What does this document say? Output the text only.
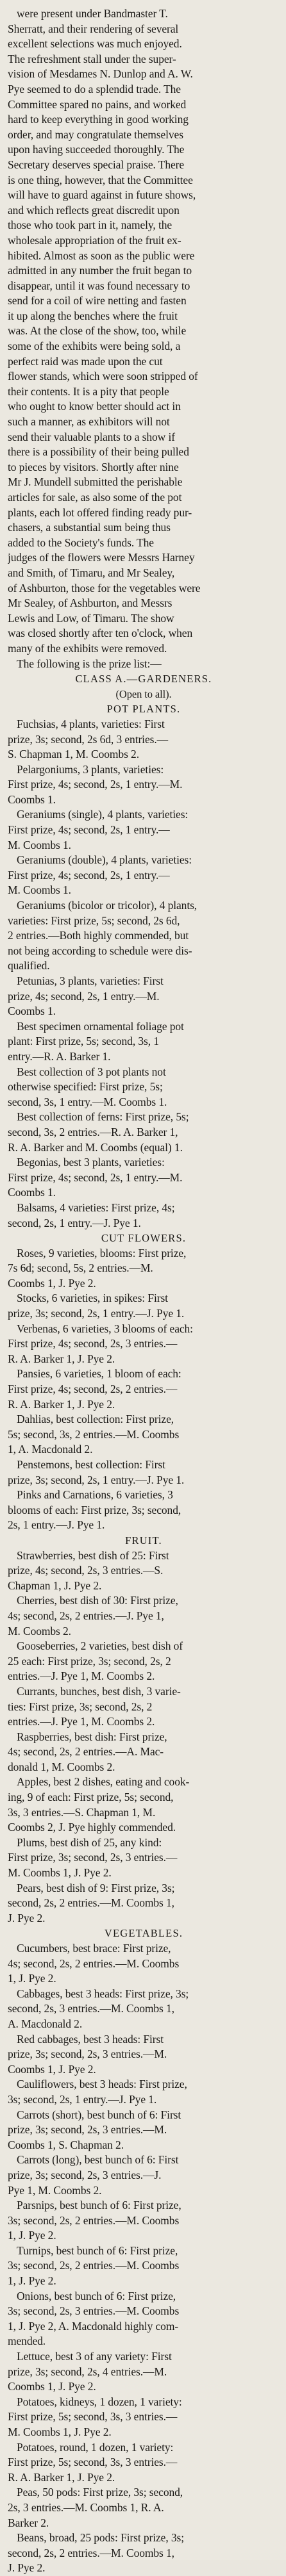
were present under Bandmaster T.
Sherratt, and their rendering of several
excellent selections was much enjoyed.
The refreshment stall under the super-
vision of Mesdames N. Dunlop and A. W.
Pye seemed to do a splendid trade. The
Committee spared no pains, and worked
hard to keep everything in good working
order, and may congratulate themselves
upon having succeeded thoroughly. The
Secretary deserves special praise. There
is one thing, however, that the Committee
will have to guard against in future shows,
and which reflects great discredit upon
those who took part in it, namely, the
wholesale appropriation of the fruit ex-
hibited. Almost as soon as the public were
admitted in any number the fruit began to
disappear, until it was found necessary to
send for a coil of wire netting and fasten
it up along the benches where the fruit
was. At the close of the show, too, while
some of the exhibits were being sold, a
perfect raid was made upon the cut
flower stands, which were soon stripped of
their contents. It is a pity that people
who ought to know better should act in
such a manner, as exhibitors will not
send their valuable plants to a show if
there is a possibility of their being pulled
to pieces by visitors. Shortly after nine
Mr J. Mundell submitted the perishable
articles for sale, as also some of the pot
plants, each lot offered finding ready pur-
chasers, a substantial sum being thus
added to the Society's funds. The
judges of the flowers were Messrs Harney
and Smith, of Timaru, and Mr Sealey,
of Ashburton, those for the vegetables were
Mr Sealey, of Ashburton, and Messrs
Lewis and Low, of Timaru. The show
was closed shortly after ten o'clock, when
many of the exhibits were removed.
The following is the prize list:—
CLASS A.—GARDENERS.
(Open to all).
POT PLANTS.
Fuchsias, 4 plants, varieties: First
prize, 3s; second, 2s 6d, 3 entries.—
S. Chapman 1, M. Coombs 2.
Pelargoniums, 3 plants, varieties:
First prize, 4s; second, 2s, 1 entry.—M.
Coombs 1.
Geraniums (single), 4 plants, varieties:
First prize, 4s; second, 2s, 1 entry.—
M. Coombs 1.
Geraniums (double), 4 plants, varieties:
First prize, 4s; second, 2s, 1 entry.—
M. Coombs 1.
Geraniums (bicolor or tricolor), 4 plants,
varieties: First prize, 5s; second, 2s 6d,
2 entries.—Both highly commended, but
not being according to schedule were dis-
qualified.
Petunias, 3 plants, varieties: First
prize, 4s; second, 2s, 1 entry.—M.
Coombs 1.
Best specimen ornamental foliage pot
plant: First prize, 5s; second, 3s, 1
entry.—R. A. Barker 1.
Best collection of 3 pot plants not
otherwise specified: First prize, 5s;
second, 3s, 1 entry.—M. Coombs 1.
Best collection of ferns: First prize, 5s;
second, 3s, 2 entries.—R. A. Barker 1,
R. A. Barker and M. Coombs (equal) 1.
Begonias, best 3 plants, varieties:
First prize, 4s; second, 2s, 1 entry.—M.
Coombs 1.
Balsams, 4 varieties: First prize, 4s;
second, 2s, 1 entry.—J. Pye 1.
CUT FLOWERS.
Roses, 9 varieties, blooms: First prize,
7s 6d; second, 5s, 2 entries.—M.
Coombs 1, J. Pye 2.
Stocks, 6 varieties, in spikes: First
prize, 3s; second, 2s, 1 entry.—J. Pye 1.
Verbenas, 6 varieties, 3 blooms of each:
First prize, 4s; second, 2s, 3 entries.—
R. A. Barker 1, J. Pye 2.
Pansies, 6 varieties, 1 bloom of each:
First prize, 4s; second, 2s, 2 entries.—
R. A. Barker 1, J. Pye 2.
Dahlias, best collection: First prize,
5s; second, 3s, 2 entries.—M. Coombs
1, A. Macdonald 2.
Penstemons, best collection: First
prize, 3s; second, 2s, 1 entry.—J. Pye 1.
Pinks and Carnations, 6 varieties, 3
blooms of each: First prize, 3s; second,
2s, 1 entry.—J. Pye 1.
FRUIT.
Strawberries, best dish of 25: First
prize, 4s; second, 2s, 3 entries.—S.
Chapman 1, J. Pye 2.
Cherries, best dish of 30: First prize,
4s; second, 2s, 2 entries.—J. Pye 1,
M. Coombs 2.
Gooseberries, 2 varieties, best dish of
25 each: First prize, 3s; second, 2s, 2
entries.—J. Pye 1, M. Coombs 2.
Currants, bunches, best dish, 3 varie-
ties: First prize, 3s; second, 2s, 2
entries.—J. Pye 1, M. Coombs 2.
Raspberries, best dish: First prize,
4s; second, 2s, 2 entries.—A. Mac-
donald 1, M. Coombs 2.
Apples, best 2 dishes, eating and cook-
ing, 9 of each: First prize, 5s; second,
3s, 3 entries.—S. Chapman 1, M.
Coombs 2, J. Pye highly commended.
Plums, best dish of 25, any kind:
First prize, 3s; second, 2s, 3 entries.—
M. Coombs 1, J. Pye 2.
Pears, best dish of 9: First prize, 3s;
second, 2s, 2 entries.—M. Coombs 1,
J. Pye 2.
VEGETABLES.
Cucumbers, best brace: First prize,
4s; second, 2s, 2 entries.—M. Coombs
1, J. Pye 2.
Cabbages, best 3 heads: First prize, 3s;
second, 2s, 3 entries.—M. Coombs 1,
A. Macdonald 2.
Red cabbages, best 3 heads: First
prize, 3s; second, 2s, 3 entries.—M.
Coombs 1, J. Pye 2.
Cauliflowers, best 3 heads: First prize,
3s; second, 2s, 1 entry.—J. Pye 1.
Carrots (short), best bunch of 6: First
prize, 3s; second, 2s, 3 entries.—M.
Coombs 1, S. Chapman 2.
Carrots (long), best bunch of 6: First
prize, 3s; second, 2s, 3 entries.—J.
Pye 1, M. Coombs 2.
Parsnips, best bunch of 6: First prize,
3s; second, 2s, 2 entries.—M. Coombs
1, J. Pye 2.
Turnips, best bunch of 6: First prize,
3s; second, 2s, 2 entries.—M. Coombs
1, J. Pye 2.
Onions, best bunch of 6: First prize,
3s; second, 2s, 3 entries.—M. Coombs
1, J. Pye 2, A. Macdonald highly com-
mended.
Lettuce, best 3 of any variety: First
prize, 3s; second, 2s, 4 entries.—M.
Coombs 1, J. Pye 2.
Potatoes, kidneys, 1 dozen, 1 variety:
First prize, 5s; second, 3s, 3 entries.—
M. Coombs 1, J. Pye 2.
Potatoes, round, 1 dozen, 1 variety:
First prize, 5s; second, 3s, 3 entries.—
R. A. Barker 1, J. Pye 2.
Peas, 50 pods: First prize, 3s; second,
2s, 3 entries.—M. Coombs 1, R. A.
Barker 2.
Beans, broad, 25 pods: First prize, 3s;
second, 2s, 2 entries.—M. Coombs 1,
J. Pye 2.
